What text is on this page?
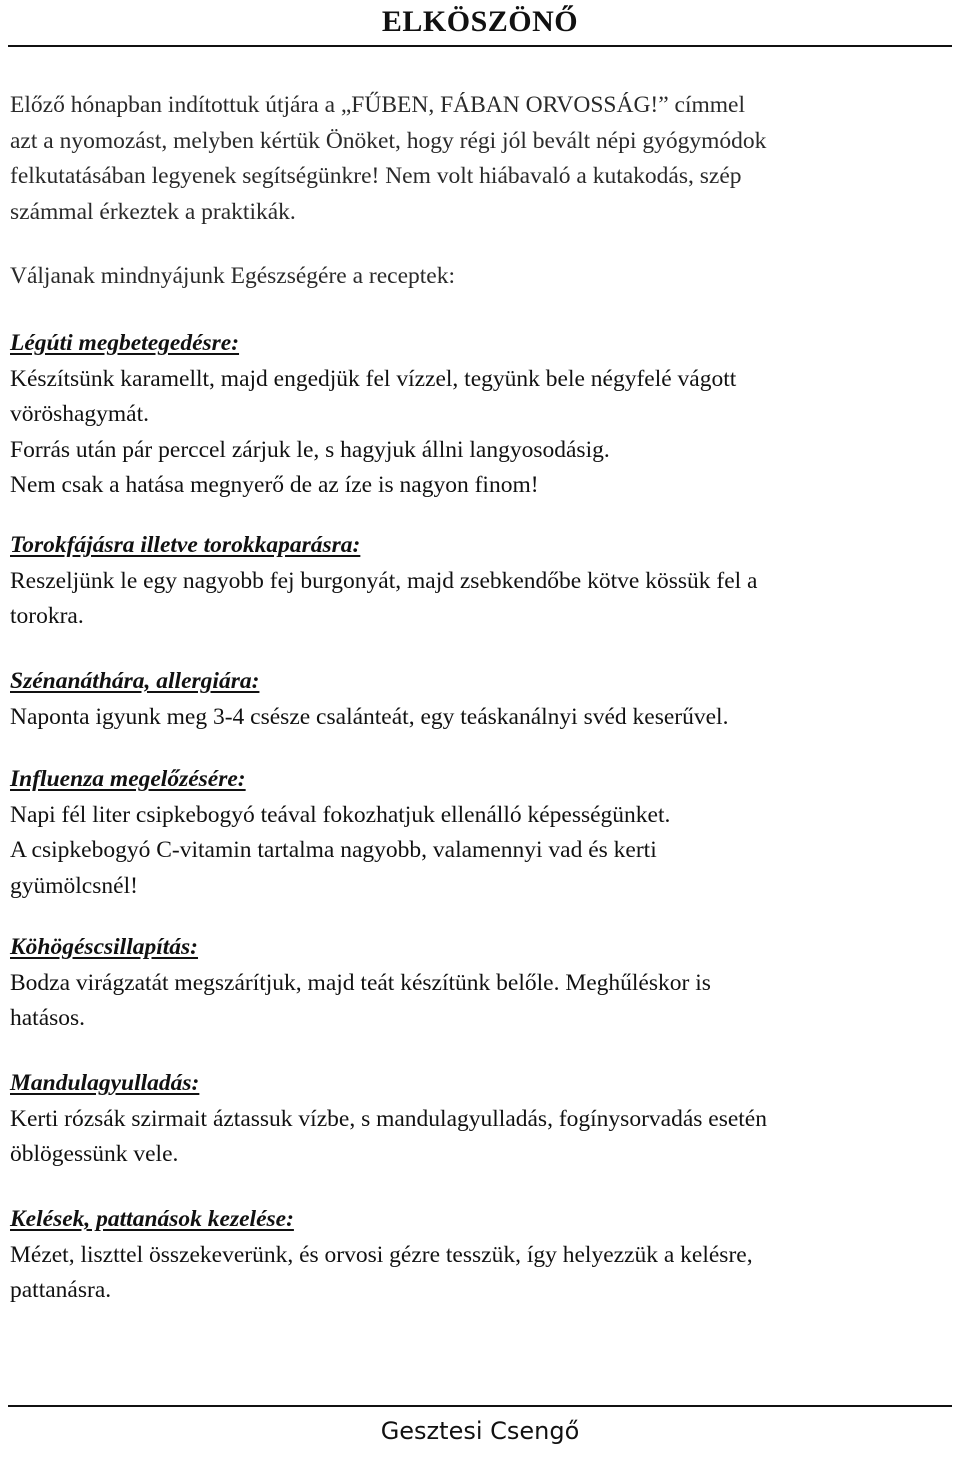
ELKÖSZÖNŐ
Előző hónapban indítottuk útjára a „FŰBEN, FÁBAN ORVOSSÁG!” címmel
azt a nyomozást, melyben kértük Önöket, hogy régi jól bevált népi gyógymódok
felkutatásában legyenek segítségünkre! Nem volt hiábavaló a kutakodás, szép
számmal érkeztek a praktikák.
Váljanak mindnyájunk Egészségére a receptek:
Légúti megbetegedésre:
Készítsünk karamellt, majd engedjük fel vízzel, tegyünk bele négyfelé vágott
vöröshagymát.
Forrás után pár perccel zárjuk le, s hagyjuk állni langyosodásig.
Nem csak a hatása megnyerő de az íze is nagyon finom!
Torokfájásra illetve torokkaparásra:
Reszeljünk le egy nagyobb fej burgonyát, majd zsebkendőbe kötve kössük fel a
torokra.
Szénanáthára, allergiára:
Naponta igyunk meg 3-4 csésze csalánteát, egy teáskanálnyi svéd keserűvel.
Influenza megelőzésére:
Napi fél liter csipkebogyó teával fokozhatjuk ellenálló képességünket.
A csipkebogyó C-vitamin tartalma nagyobb, valamennyi vad és kerti
gyümölcsnél!
Köhögéscsillapítás:
Bodza virágzatát megszárítjuk, majd teát készítünk belőle. Meghűléskor is
hatásos.
Mandulagyulladás:
Kerti rózsák szirmait áztassuk vízbe, s mandulagyulladás, fogínysorvadás esetén
öblögessünk vele.
Kelések, pattanások kezelése:
Mézet, liszttel összekeverünk, és orvosi gézre tesszük, így helyezzük a kelésre,
pattanásra.
Gesztesi Csengő
